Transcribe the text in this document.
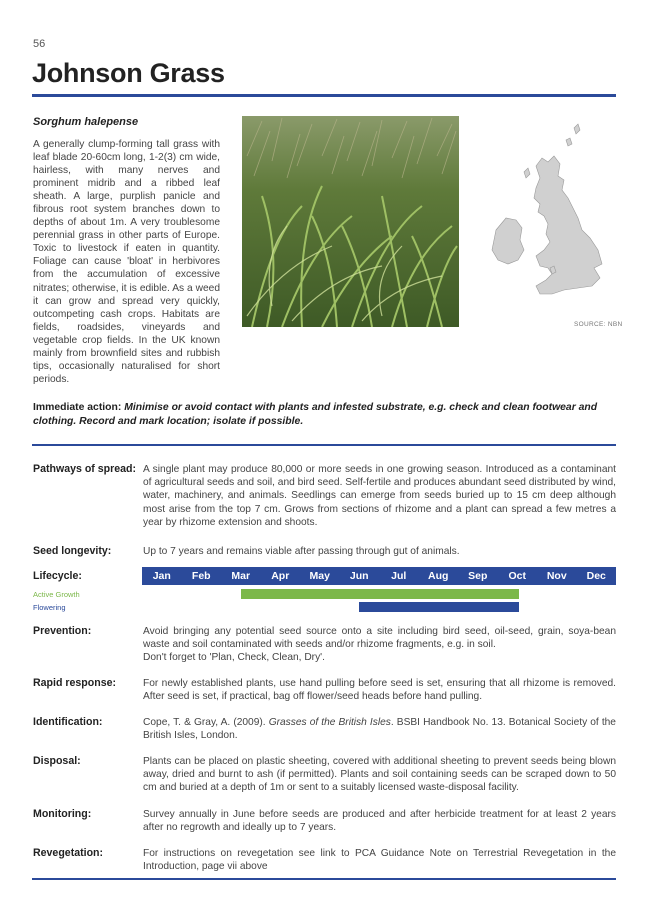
56
Johnson Grass
Sorghum halepense
A generally clump-forming tall grass with leaf blade 20-60cm long, 1-2(3) cm wide, hairless, with many nerves and prominent midrib and a ribbed leaf sheath. A large, purplish panicle and fibrous root system branches down to depths of about 1m. A very troublesome perennial grass in other parts of Europe. Toxic to livestock if eaten in quantity. Foliage can cause 'bloat' in herbivores from the accumulation of excessive nitrates; otherwise, it is edible. As a weed it can grow and spread very quickly, outcompeting cash crops. Habitats are fields, roadsides, vineyards and vegetable crop fields. In the UK known mainly from brownfield sites and rubbish tips, occasionally naturalised for short periods.
SOURCE: NBN
Immediate action: Minimise or avoid contact with plants and infested substrate, e.g. check and clean footwear and clothing. Record and mark location; isolate if possible.
Pathways of spread: A single plant may produce 80,000 or more seeds in one growing season. Introduced as a contaminant of agricultural seeds and soil, and bird seed. Self-fertile and produces abundant seed distributed by wind, water, machinery, and animals. Seedlings can emerge from seeds buried up to 15 cm deep although most arise from the top 7 cm. Grows from sections of rhizome and a plant can spread a few metres a year by rhizome extension and shoots.
Seed longevity:	Up to 7 years and remains viable after passing through gut of animals.
Lifecycle:	Jan	Feb	Mar	Apr	May	Jun	Jul	Aug	Sep	Oct	Nov	Dec
Active Growth
Flowering
Prevention:	Avoid bringing any potential seed source onto a site including bird seed, oil-seed, grain, soya-bean waste and soil contaminated with seeds and/or rhizome fragments, e.g. in soil.
Don't forget to 'Plan, Check, Clean, Dry'.
Rapid response:	For newly established plants, use hand pulling before seed is set, ensuring that all rhizome is removed. After seed is set, if practical, bag off flower/seed heads before hand pulling.
Identification:	Cope, T. & Gray, A. (2009). Grasses of the British Isles. BSBI Handbook No. 13. Botanical Society of the British Isles, London.
Disposal:	Plants can be placed on plastic sheeting, covered with additional sheeting to prevent seeds being blown away, dried and burnt to ash (if permitted). Plants and soil containing seeds can be scraped down to 50 cm and buried at a depth of 1m or sent to a suitably licensed waste-disposal facility.
Monitoring:	Survey annually in June before seeds are produced and after herbicide treatment for at least 2 years after no regrowth and ideally up to 7 years.
Revegetation:	For instructions on revegetation see link to PCA Guidance Note on Terrestrial Revegetation in the Introduction, page vii above
